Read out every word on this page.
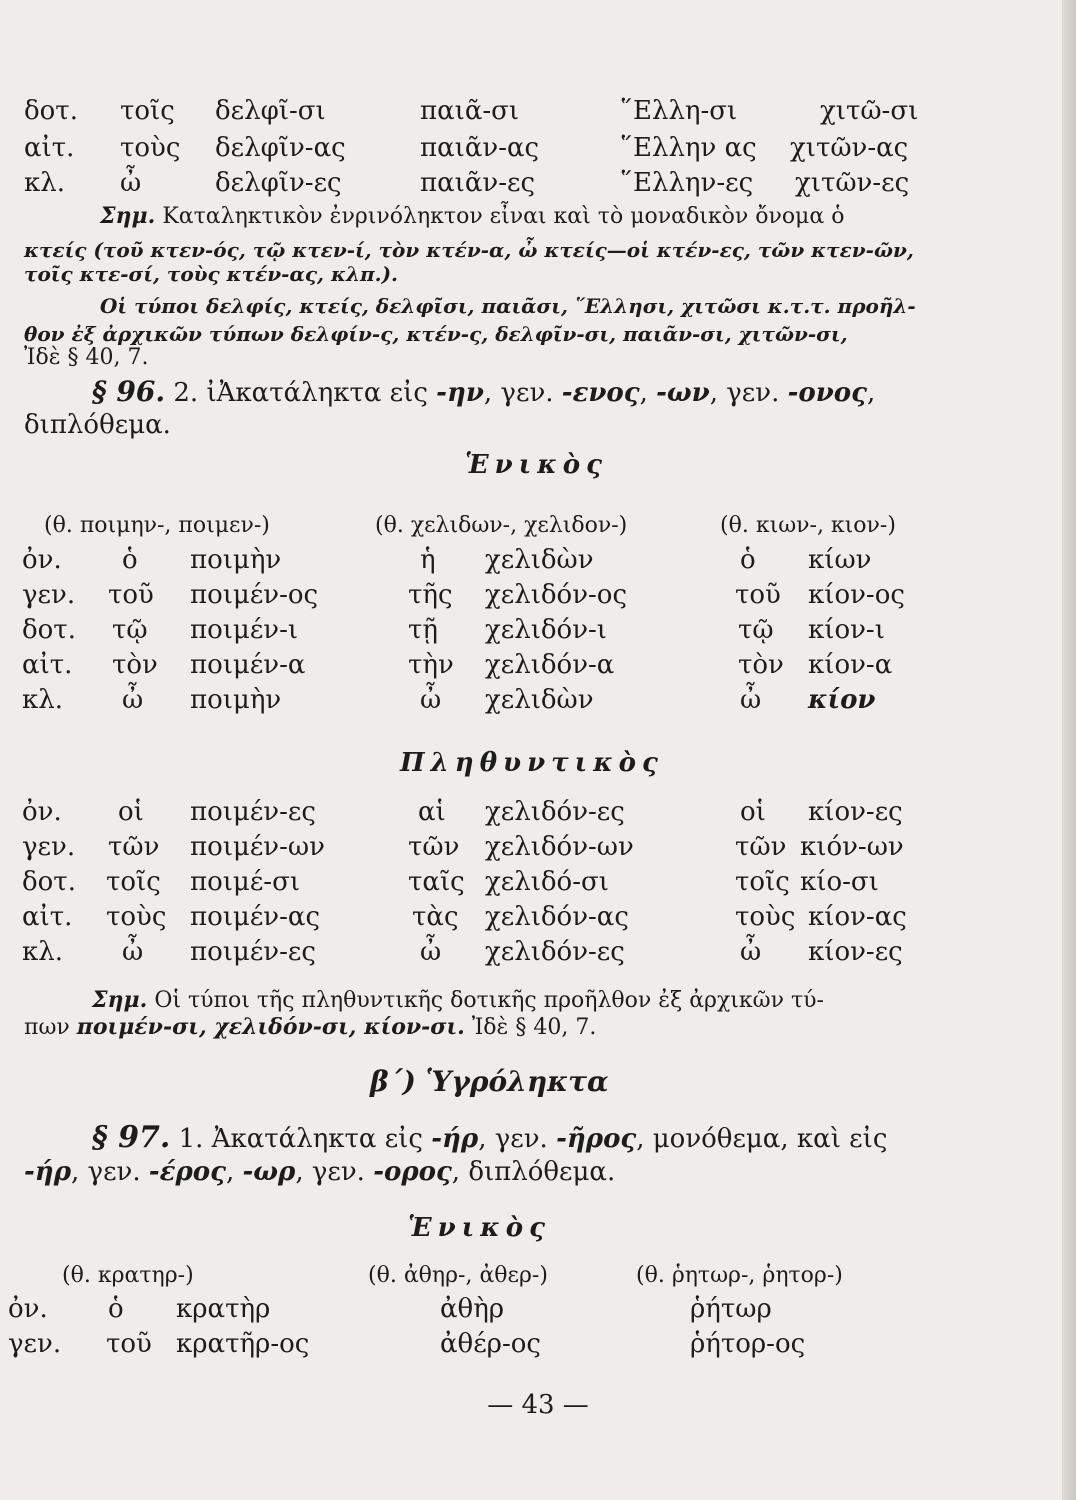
δοτ. τοῖς δελφῖ-σι	παιᾶ-σι	῞Ελλη-σι	χιτῶ-σι
αἰτ. τοὺς δελφῖν-ας	παιᾶν-ας	῞Ελλην ας χιτῶν-ας
κλ. ὦ	δελφῖν-ες	παιᾶν-ες	῞Ελλην-ες χιτῶν-ες
Σημ. Καταληκτικὸν ἐνρινόληκτον εἶναι καὶ τὸ μοναδικὸν ὄνομα ὁ
κτείς (τοῦ κτεν-ός, τῷ κτεν-ί, τὸν κτέν-α, ὦ κτείς—οἱ κτέν-ες, τῶν κτεν-ῶν,
τοῖς κτε-σί, τοὺς κτέν-ας, κλπ.).
Οἱ τύποι δελφίς, κτείς, δελφῖσι, παιᾶσι, ῞Ελλησι, χιτῶσι κ.τ.τ. προῆλ-
θον ἐξ ἀρχικῶν τύπων δελφίν-ς, κτέν-ς, δελφῖν-σι, παιᾶν-σι, χιτῶν-σι,
Ἰδὲ § 40, 7.
§ 96. 2. ἰἈκατάληκτα εἰς -ην, γεν. -ενος, -ων, γεν. -ονος,
διπλόθεμα.
Ἑνικὸς
(θ. ποιμην-, ποιμεν-)	(θ. χελιδων-, χελιδον-)	(θ. κιων-, κιον-)
ὀν. ὁ ποιμὴν	ἡ χελιδὼν	ὁ κίων
γεν. τοῦ ποιμέν-ος	τῆς χελιδόν-ος	τοῦ κίον-ος
δοτ. τῷ ποιμέν-ι	τῇ χελιδόν-ι	τῷ κίον-ι
αἰτ. τὸν ποιμέν-α	τὴν χελιδόν-α	τὸν κίον-α
κλ. ὦ ποιμὴν	ὦ χελιδὼν	ὦ κίον
Πληθυντικὸς
ὀν. οἱ ποιμέν-ες	αἱ χελιδόν-ες	οἱ κίον-ες
γεν. τῶν ποιμέν-ων	τῶν χελιδόν-ων	τῶν κιόν-ων
δοτ. τοῖς ποιμέ-σι	ταῖς χελιδό-σι	τοῖς κίο-σι
αἰτ. τοὺς ποιμέν-ας	τὰς χελιδόν-ας	τοὺς κίον-ας
κλ. ὦ ποιμέν-ες	ὦ χελιδόν-ες	ὦ κίον-ες
Σημ. Οἱ τύποι τῆς πληθυντικῆς δοτικῆς προῆλθον ἐξ ἀρχικῶν τύ-
πων ποιμέν-σι, χελιδόν-σι, κίον-σι. Ἰδὲ § 40, 7.
β΄) Ὑγρόληκτα
§ 97. 1. Ἀκατάληκτα εἰς -ήρ, γεν. -ῆρος, μονόθεμα, καὶ εἰς
-ήρ, γεν. -έρος, -ωρ, γεν. -ορος, διπλόθεμα.
Ἑνικὸς
(θ. κρατηρ-)	(θ. ἀθηρ-, ἀθερ-)	(θ. ῥητωρ-, ῥητορ-)
ὀν. ὁ κρατὴρ	ἀθὴρ	ῥήτωρ
γεν. τοῦ κρατῆρ-ος	ἀθέρ-ος	ῥήτορ-ος
— 43 —
